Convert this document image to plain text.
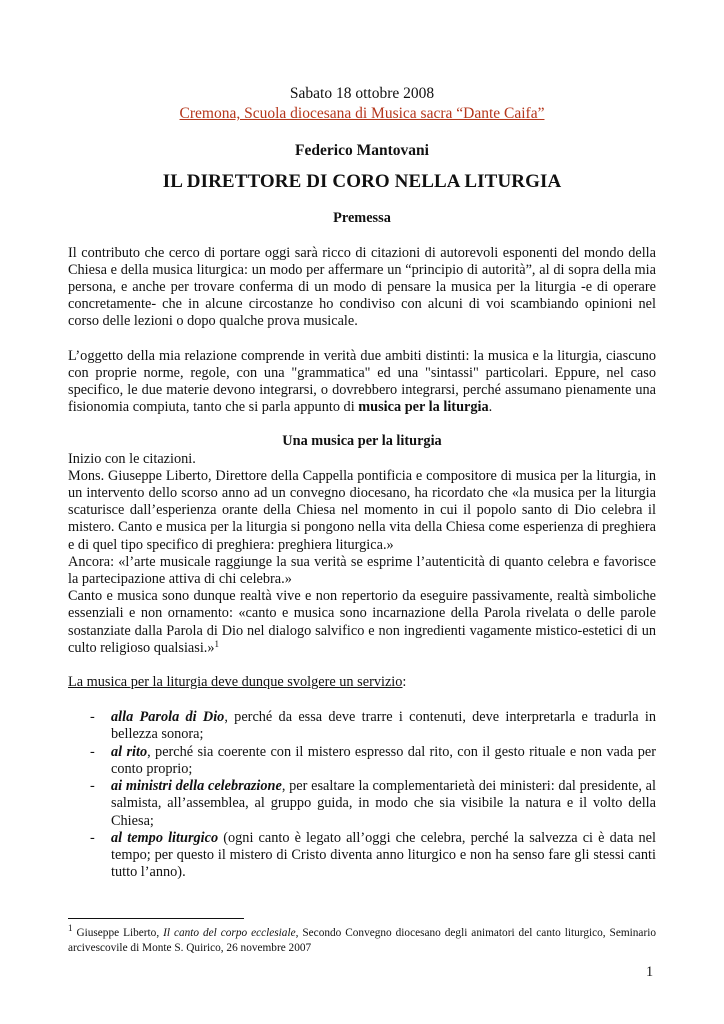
Sabato 18 ottobre 2008
Cremona, Scuola diocesana di Musica sacra “Dante Caifa”
Federico Mantovani
IL DIRETTORE DI CORO NELLA LITURGIA
Premessa

Il contributo che cerco di portare oggi sarà ricco di citazioni di autorevoli esponenti del mondo della Chiesa e della musica liturgica: un modo per affermare un “principio di autorità”, al di sopra della mia persona, e anche per trovare conferma di un modo di pensare la musica per la liturgia -e di operare concretamente- che in alcune circostanze ho condiviso con alcuni di voi scambiando opinioni nel corso delle lezioni o dopo qualche prova musicale.

L’oggetto della mia relazione comprende in verità due ambiti distinti: la musica e la liturgia, ciascuno con proprie norme, regole, con una "grammatica" ed una "sintassi" particolari. Eppure, nel caso specifico, le due materie devono integrarsi, o dovrebbero integrarsi, perché assumano pienamente una fisionomia compiuta, tanto che si parla appunto di musica per la liturgia.

Una musica per la liturgia

Inizio con le citazioni.

Mons. Giuseppe Liberto, Direttore della Cappella pontificia e compositore di musica per la liturgia, in un intervento dello scorso anno ad un convegno diocesano, ha ricordato che «la musica per la liturgia scaturisce dall’esperienza orante della Chiesa nel momento in cui il popolo santo di Dio celebra il mistero. Canto e musica per la liturgia si pongono nella vita della Chiesa come esperienza di preghiera e di quel tipo specifico di preghiera: preghiera liturgica.»

Ancora: «l’arte musicale raggiunge la sua verità se esprime l’autenticità di quanto celebra e favorisce la partecipazione attiva di chi celebra.»

Canto e musica sono dunque realtà vive e non repertorio da eseguire passivamente, realtà simboliche essenziali e non ornamento: «canto e musica sono incarnazione della Parola rivelata o delle parole sostanziate dalla Parola di Dio nel dialogo salvifico e non ingredienti vagamente mistico-estetici di un culto religioso qualsiasi.»$^1$

La musica per la liturgia deve dunque svolgere un servizio:

- alla Parola di Dio, perché da essa deve trarre i contenuti, deve interpretarla e tradurla in bellezza sonora;
- al rito, perché sia coerente con il mistero espresso dal rito, con il gesto rituale e non vada per conto proprio;
- ai ministri della celebrazione, per esaltare la complementarietà dei ministeri: dal presidente, al salmista, all’assemblea, al gruppo guida, in modo che sia visibile la natura e il volto della Chiesa;
- al tempo liturgico (ogni canto è legato all’oggi che celebra, perché la salvezza ci è data nel tempo; per questo il mistero di Cristo diventa anno liturgico e non ha senso fare gli stessi canti tutto l’anno).
$^1$ Giuseppe Liberto, Il canto del corpo ecclesiale, Secondo Convegno diocesano degli animatori del canto liturgico, Seminario arcivescovile di Monte S. Quirico, 26 novembre 2007
1
